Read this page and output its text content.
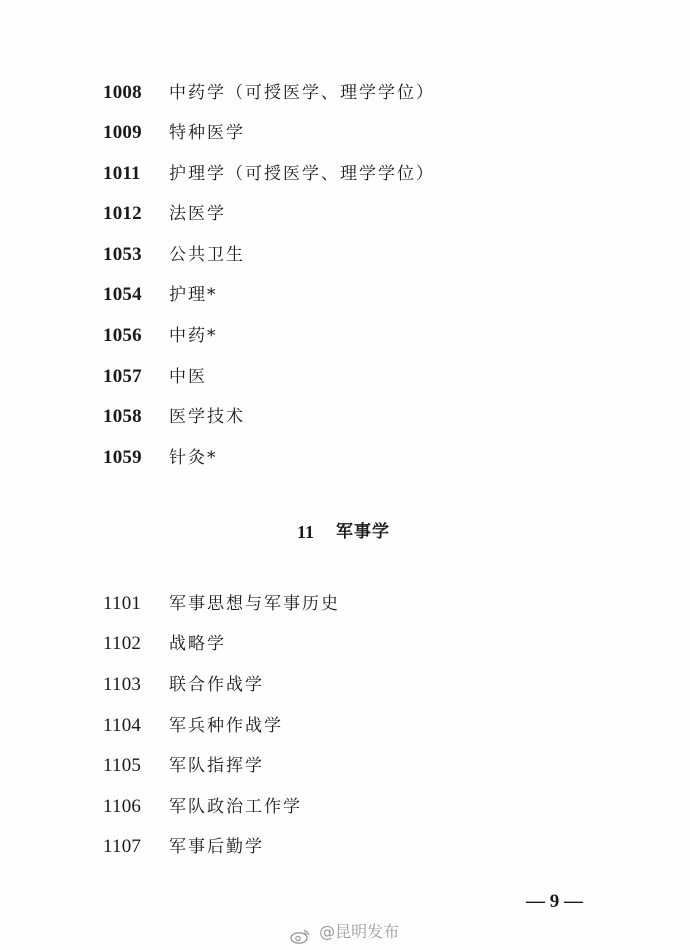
1008 中药学（可授医学、理学学位）
1009 特种医学
1011 护理学（可授医学、理学学位）
1012 法医学
1053 公共卫生
1054 护理*
1056 中药*
1057 中医
1058 医学技术
1059 针灸*
11 军事学
1101 军事思想与军事历史
1102 战略学
1103 联合作战学
1104 军兵种作战学
1105 军队指挥学
1106 军队政治工作学
1107 军事后勤学
— 9 —
@昆明发布
